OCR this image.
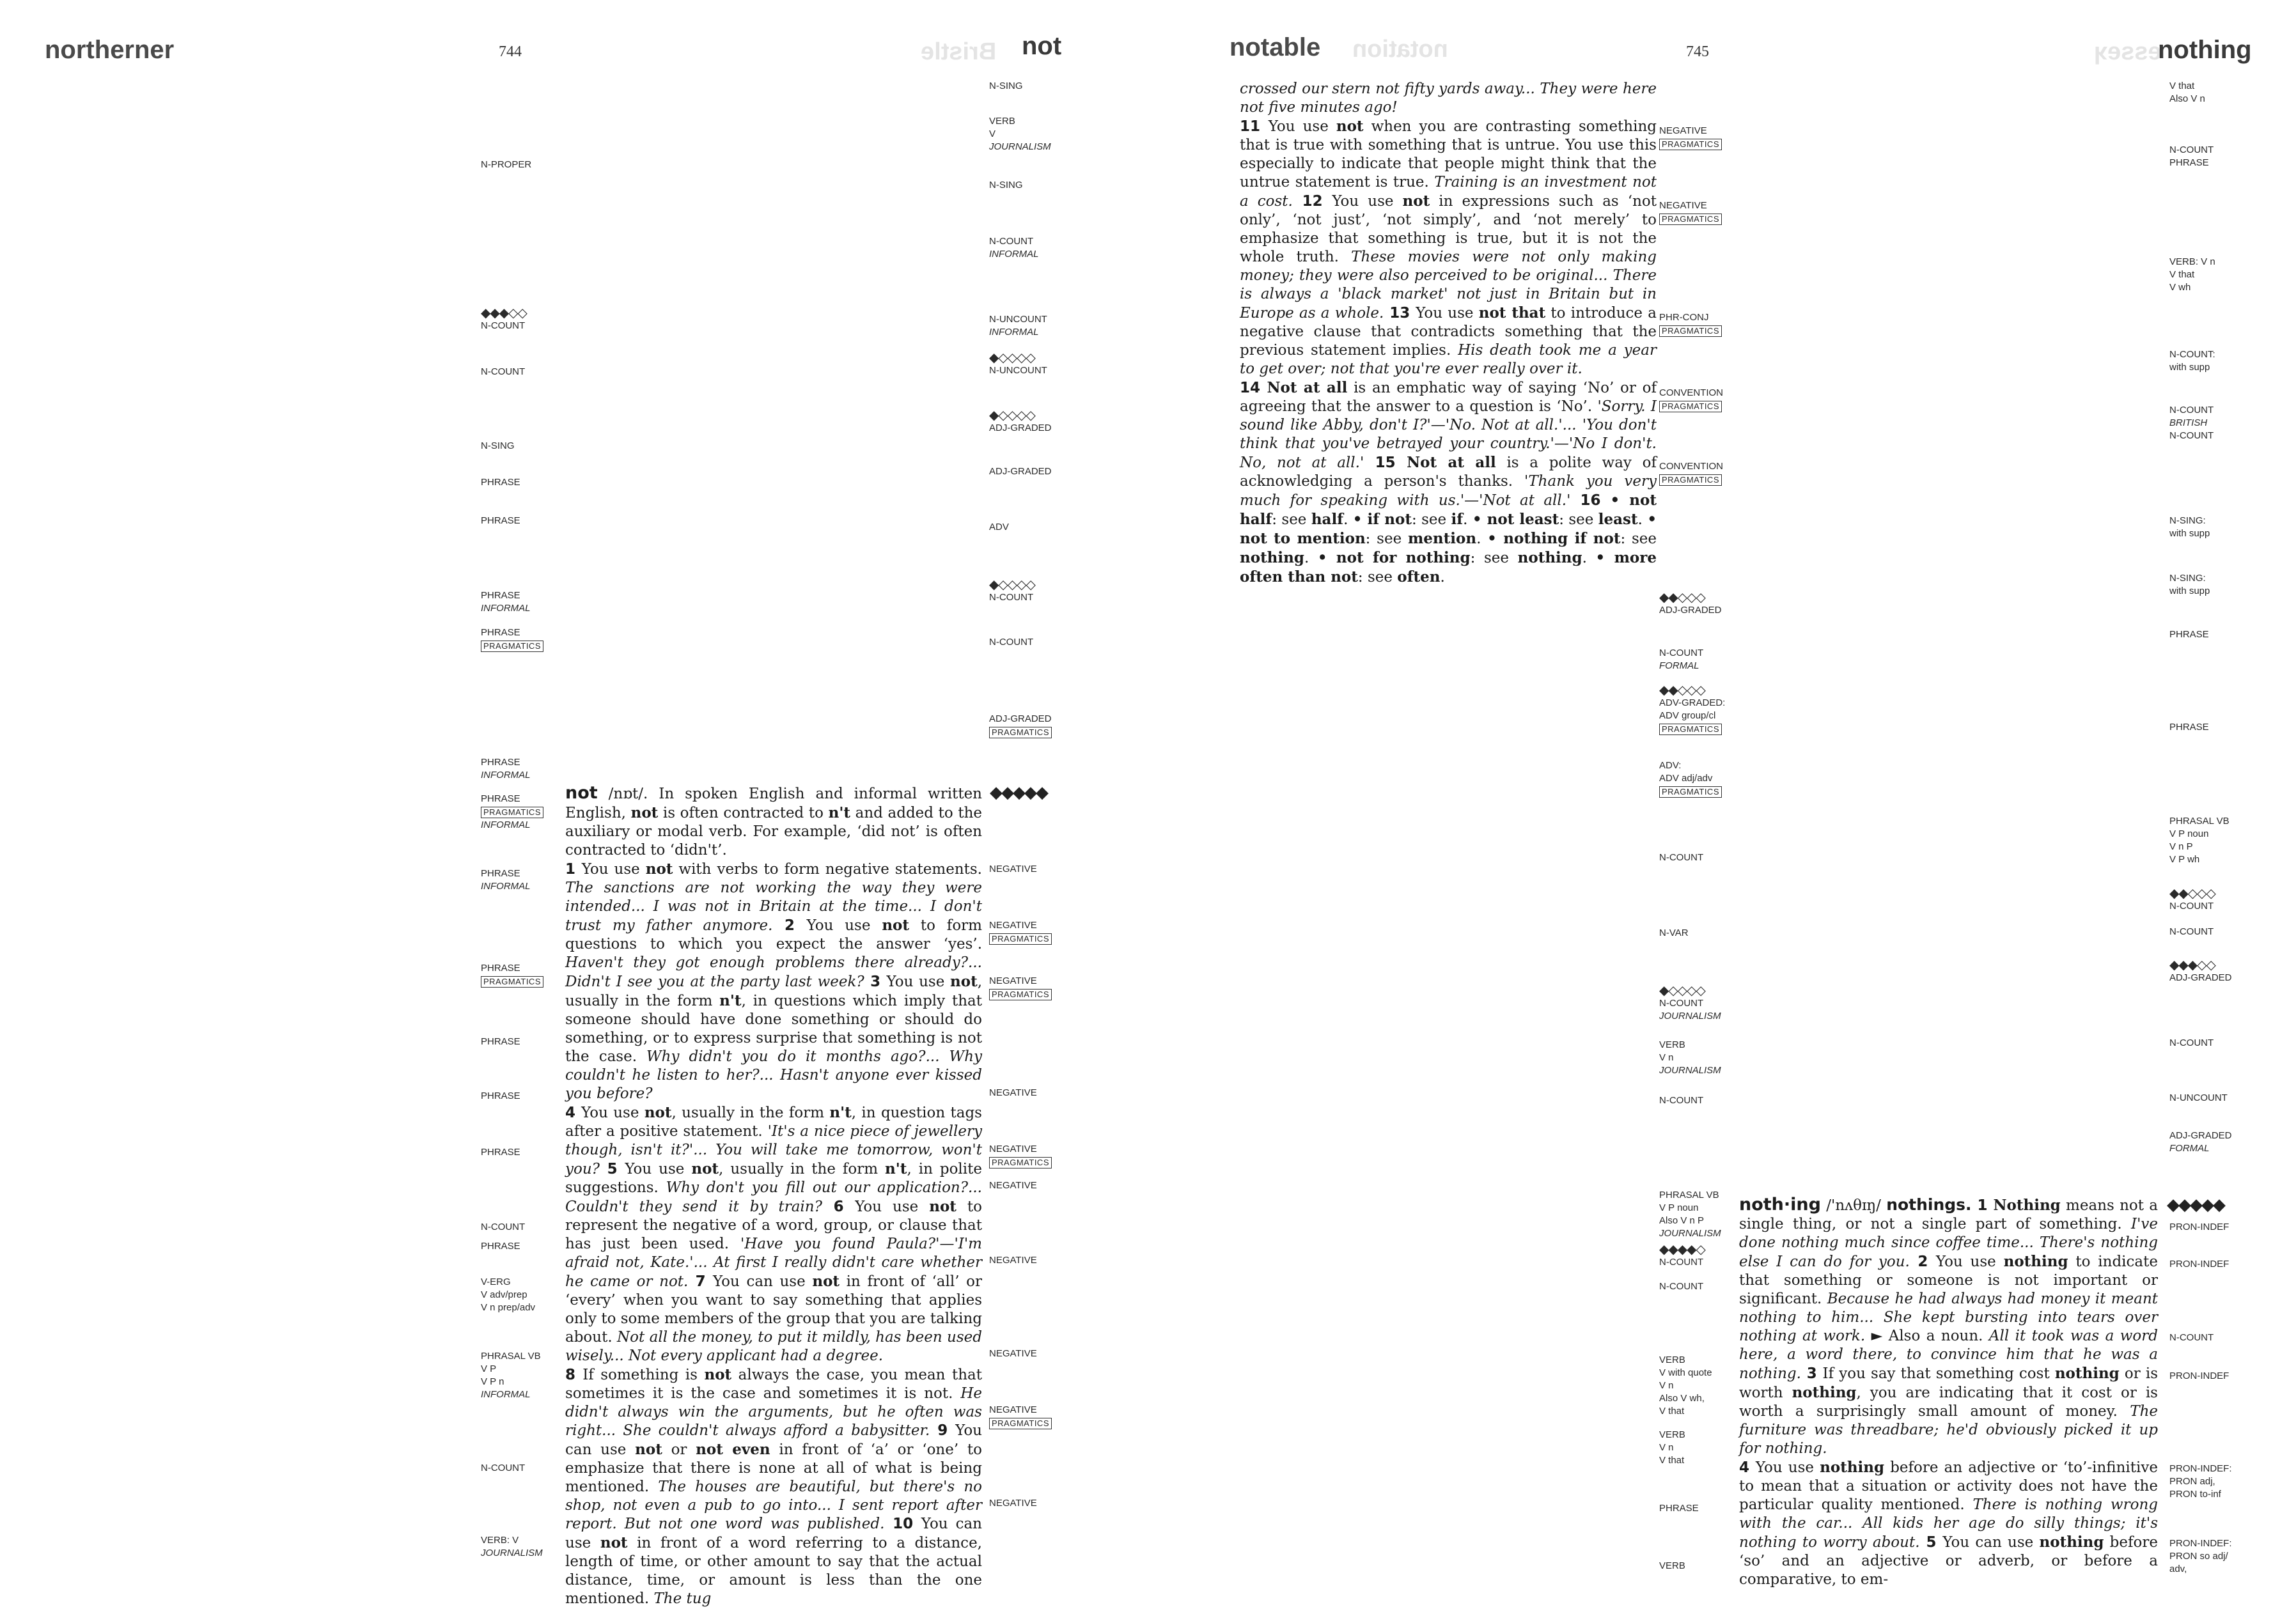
northerner	744	Bristle not
N-PROPER
◆◆◆◇◇
N-COUNT
N-COUNT
N-SING
PHRASE
PHRASE
PHRASE
INFORMAL
PHRASE
PRAGMATICS
PHRASE
INFORMAL
PHRASE
PRAGMATICS
INFORMAL
PHRASE
INFORMAL
PHRASE
PRAGMATICS
PHRASE
PHRASE
PHRASE
N-COUNT
PHRASE
V-ERG
V adv/prep
V n prep/adv
PHRASAL VB
V P
V P n
INFORMAL
N-COUNT
VERB: V
JOURNALISM
N-SING
VERB
V
JOURNALISM
N-SING
N-COUNT
INFORMAL
N-UNCOUNT
INFORMAL
◆◇◇◇◇
N-UNCOUNT
◆◇◇◇◇
ADJ-GRADED
ADJ-GRADED
ADV
◆◇◇◇◇
N-COUNT
N-COUNT
ADJ-GRADED
PRAGMATICS
NEGATIVE
NEGATIVE
PRAGMATICS
NEGATIVE
PRAGMATICS
NEGATIVE
NEGATIVE
PRAGMATICS
NEGATIVE
NEGATIVE
NEGATIVE
NEGATIVE
PRAGMATICS
NEGATIVE

not /nɒt/. In spoken English and informal written English, not is often contracted to n't and added to the auxiliary or modal verb. For example, ‘did not’ is often contracted to ‘didn't’.

1 You use not with verbs to form negative statements. The sanctions are not working the way they were intended... I was not in Britain at the time... I don't trust my father anymore. 2 You use not to form questions to which you expect the answer ‘yes’. Haven't they got enough problems there already?... Didn't I see you at the party last week? 3 You use not, usually in the form n't, in questions which imply that someone should have done something or should do something, or to express surprise that something is not the case. Why didn't you do it months ago?... Why couldn't he listen to her?... Hasn't anyone ever kissed you before?

4 You use not, usually in the form n't, in question tags after a positive statement. 'It's a nice piece of jewellery though, isn't it?'... You will take me tomorrow, won't you? 5 You use not, usually in the form n't, in polite suggestions. Why don't you fill out our application?... Couldn't they send it by train? 6 You use not to represent the negative of a word, group, or clause that has just been used. 'Have you found Paula?'—'I'm afraid not, Kate.'... At first I really didn't care whether he came or not. 7 You can use not in front of ‘all’ or ‘every’ when you want to say something that applies only to some members of the group that you are talking about. Not all the money, to put it mildly, has been used wisely... Not every applicant had a degree.

8 If something is not always the case, you mean that sometimes it is the case and sometimes it is not. He didn't always win the arguments, but he often was right... She couldn't always afford a babysitter. 9 You can use not or not even in front of ‘a’ or ‘one’ to emphasize that there is none at all of what is being mentioned. The houses are beautiful, but there's no shop, not even a pub to go into... I sent report after report. But not one word was published. 10 You can use not in front of a word referring to a distance, length of time, or other amount to say that the actual distance, time, or amount is less than the one mentioned. The tug

◆◆◆◆◆
notable notation	745	esseʞ
nothing
NEGATIVE
PRAGMATICS
NEGATIVE
PRAGMATICS
PHR-CONJ
PRAGMATICS
CONVENTION
PRAGMATICS
CONVENTION
PRAGMATICS
◆◆◇◇◇
ADJ-GRADED
N-COUNT
FORMAL
◆◆◇◇◇
ADV-GRADED:
ADV group/cl
PRAGMATICS
ADV:
ADV adj/adv
PRAGMATICS
N-COUNT
N-VAR
◆◇◇◇◇
N-COUNT
JOURNALISM
VERB
V n
JOURNALISM
N-COUNT
PHRASAL VB
V P noun
Also V n P
JOURNALISM
◆◆◆◆◇
N-COUNT
N-COUNT
VERB
V with quote
V n
Also V wh,
V that
VERB
V n
V that
PHRASE
VERB
V that
Also V n
N-COUNT
PHRASE
VERB: V n
V that
V wh
N-COUNT:
with supp
N-COUNT
BRITISH
N-COUNT
N-SING:
with supp
N-SING:
with supp
PHRASE
PHRASE
PHRASAL VB
V P noun
V n P
V P wh
◆◆◇◇◇
N-COUNT
N-COUNT
◆◆◆◇◇
ADJ-GRADED
N-COUNT
N-UNCOUNT
ADJ-GRADED
FORMAL
PRON-INDEF
PRON-INDEF
N-COUNT
PRON-INDEF
PRON-INDEF:
PRON adj,
PRON to-inf
PRON-INDEF:
PRON so adj/
adv,

crossed our stern not fifty yards away... They were here not five minutes ago!

11 You use not when you are contrasting something that is true with something that is untrue. You use this especially to indicate that people might think that the untrue statement is true. Training is an investment not a cost. 12 You use not in expressions such as ‘not only’, ‘not just’, ‘not simply’, and ‘not merely’ to emphasize that something is true, but it is not the whole truth. These movies were not only making money; they were also perceived to be original... There is always a 'black market' not just in Britain but in Europe as a whole. 13 You use not that to introduce a negative clause that contradicts something that the previous statement implies. His death took me a year to get over; not that you're ever really over it.

14 Not at all is an emphatic way of saying ‘No’ or of agreeing that the answer to a question is ‘No’. 'Sorry. I sound like Abby, don't I?'—'No. Not at all.'... 'You don't think that you've betrayed your country.'—'No I don't. No, not at all.' 15 Not at all is a polite way of acknowledging a person's thanks. 'Thank you very much for speaking with us.'—'Not at all.' 16 • not half: see half. • if not: see if. • not least: see least. • not to mention: see mention. • nothing if not: see nothing. • not for nothing: see nothing. • more often than not: see often.

noth·ing /'nʌθɪŋ/ nothings. 1 Nothing means not a single thing, or not a single part of something. I've done nothing much since coffee time... There's nothing else I can do for you. 2 You use nothing to indicate that something or someone is not important or significant. Because he had always had money it meant nothing to him... She kept bursting into tears over nothing at work. ► Also a noun. All it took was a word here, a word there, to convince him that he was a nothing. 3 If you say that something cost nothing or is worth nothing, you are indicating that it cost or is worth a surprisingly small amount of money. The furniture was threadbare; he'd obviously picked it up for nothing.

4 You use nothing before an adjective or ‘to’-infinitive to mean that a situation or activity does not have the particular quality mentioned. There is nothing wrong with the car... All kids her age do silly things; it's nothing to worry about. 5 You can use nothing before ‘so’ and an adjective or adverb, or before a comparative, to em-

◆◆◆◆◆
